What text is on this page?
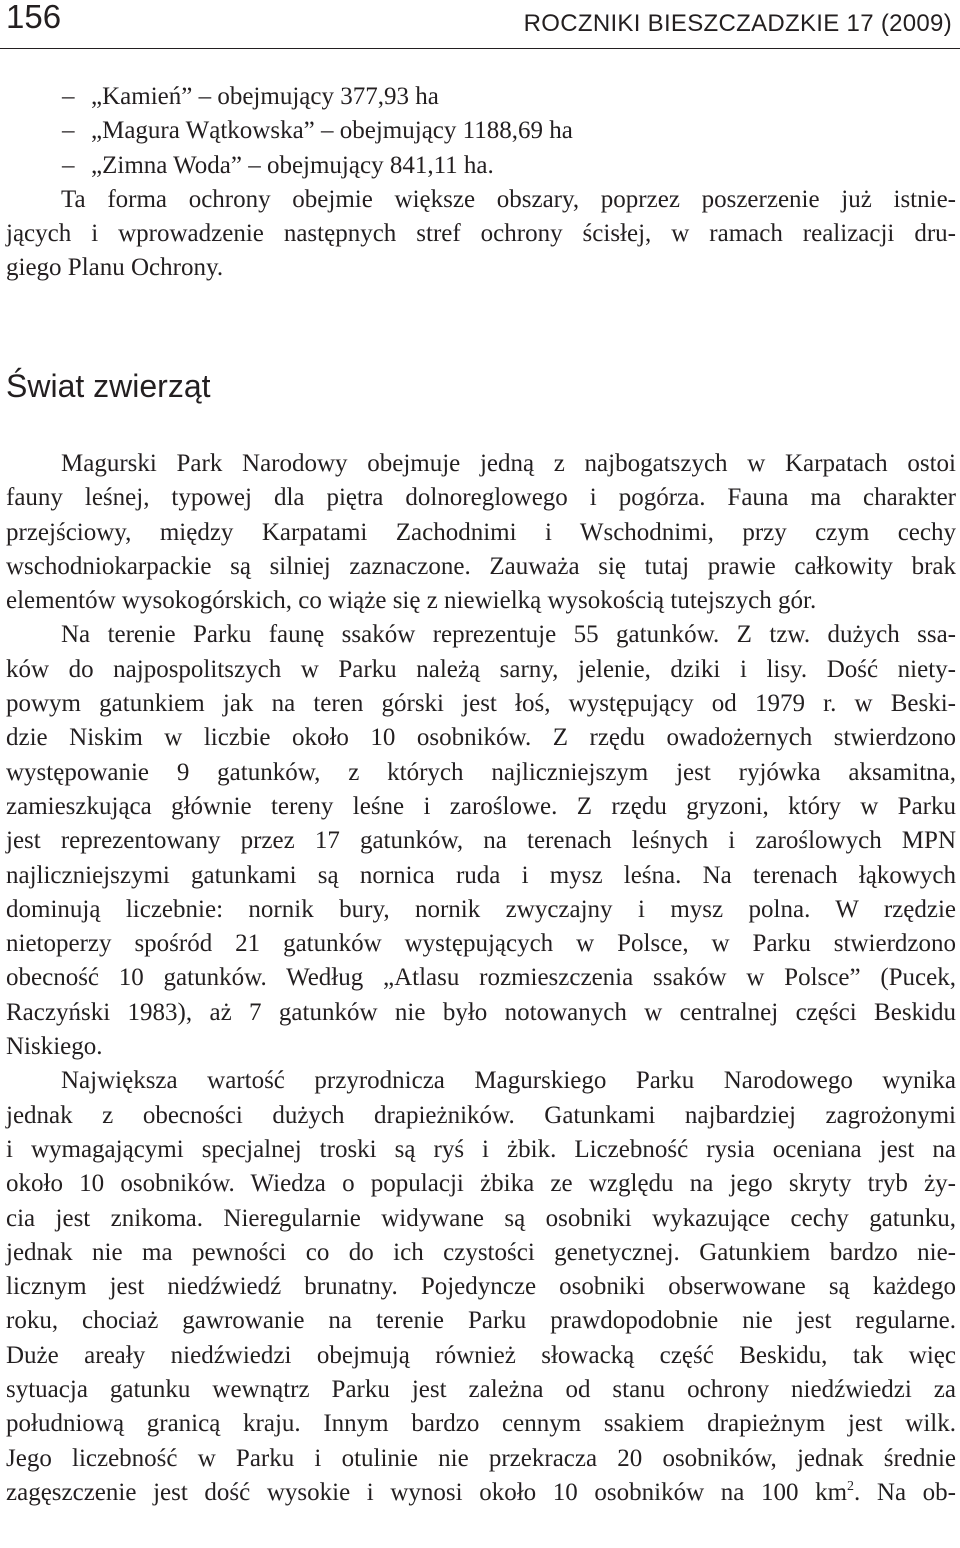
156	ROCZNIKI BIESZCZADZKIE 17 (2009)
– „Kamień” – obejmujący 377,93 ha
– „Magura Wątkowska” – obejmujący 1188,69 ha
– „Zimna Woda” – obejmujący 841,11 ha.
Ta forma ochrony obejmie większe obszary, poprzez poszerzenie już istnie-
jących i wprowadzenie następnych stref ochrony ścisłej, w ramach realizacji dru-
giego Planu Ochrony.
Świat zwierząt
Magurski Park Narodowy obejmuje jedną z najbogatszych w Karpatach ostoi
fauny leśnej, typowej dla piętra dolnoreglowego i pogórza. Fauna ma charakter
przejściowy, między Karpatami Zachodnimi i Wschodnimi, przy czym cechy
wschodniokarpackie są silniej zaznaczone. Zauważa się tutaj prawie całkowity brak
elementów wysokogórskich, co wiąże się z niewielką wysokością tutejszych gór.
Na terenie Parku faunę ssaków reprezentuje 55 gatunków. Z tzw. dużych ssa-
ków do najpospolitszych w Parku należą sarny, jelenie, dziki i lisy. Dość niety-
powym gatunkiem jak na teren górski jest łoś, występujący od 1979 r. w Beski-
dzie Niskim w liczbie około 10 osobników. Z rzędu owadożernych stwierdzono
występowanie 9 gatunków, z których najliczniejszym jest ryjówka aksamitna,
zamieszkująca głównie tereny leśne i zaroślowe. Z rzędu gryzoni, który w Parku
jest reprezentowany przez 17 gatunków, na terenach leśnych i zaroślowych MPN
najliczniejszymi gatunkami są nornica ruda i mysz leśna. Na terenach łąkowych
dominują liczebnie: nornik bury, nornik zwyczajny i mysz polna. W rzędzie
nietoperzy spośród 21 gatunków występujących w Polsce, w Parku stwierdzono
obecność 10 gatunków. Według „Atlasu rozmieszczenia ssaków w Polsce” (Pucek,
Raczyński 1983), aż 7 gatunków nie było notowanych w centralnej części Beskidu
Niskiego.
Największa wartość przyrodnicza Magurskiego Parku Narodowego wynika
jednak z obecności dużych drapieżników. Gatunkami najbardziej zagrożonymi
i wymagającymi specjalnej troski są ryś i żbik. Liczebność rysia oceniana jest na
około 10 osobników. Wiedza o populacji żbika ze względu na jego skryty tryb ży-
cia jest znikoma. Nieregularnie widywane są osobniki wykazujące cechy gatunku,
jednak nie ma pewności co do ich czystości genetycznej. Gatunkiem bardzo nie-
licznym jest niedźwiedź brunatny. Pojedyncze osobniki obserwowane są każdego
roku, chociaż gawrowanie na terenie Parku prawdopodobnie nie jest regularne.
Duże areały niedźwiedzi obejmują również słowacką część Beskidu, tak więc
sytuacja gatunku wewnątrz Parku jest zależna od stanu ochrony niedźwiedzi za
południową granicą kraju. Innym bardzo cennym ssakiem drapieżnym jest wilk.
Jego liczebność w Parku i otulinie nie przekracza 20 osobników, jednak średnie
zagęszczenie jest dość wysokie i wynosi około 10 osobników na 100 $km^2$. Na ob-
